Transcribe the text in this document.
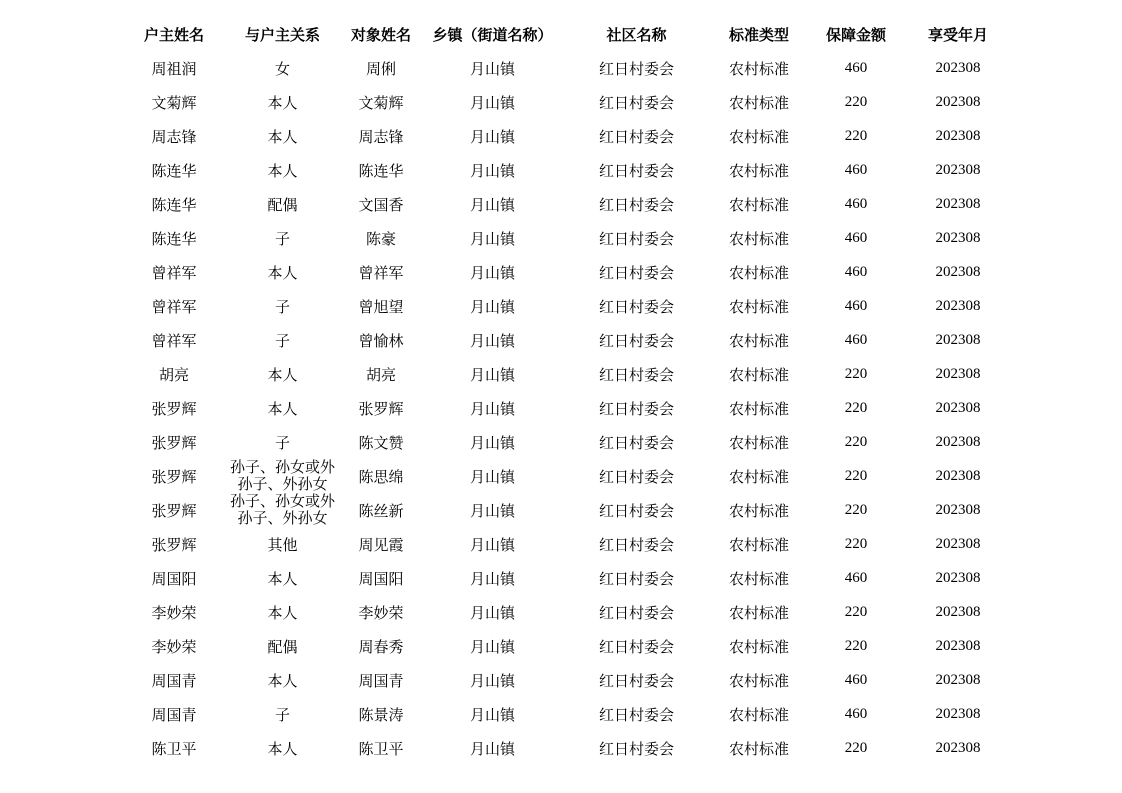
户主姓名	与户主关系	对象姓名	乡镇（街道名称）	社区名称	标准类型	保障金额	享受年月
周祖润	女	周俐	月山镇	红日村委会	农村标准	460	202308
文菊辉	本人	文菊辉	月山镇	红日村委会	农村标准	220	202308
周志锋	本人	周志锋	月山镇	红日村委会	农村标准	220	202308
陈连华	本人	陈连华	月山镇	红日村委会	农村标准	460	202308
陈连华	配偶	文国香	月山镇	红日村委会	农村标准	460	202308
陈连华	子	陈豪	月山镇	红日村委会	农村标准	460	202308
曾祥军	本人	曾祥军	月山镇	红日村委会	农村标准	460	202308
曾祥军	子	曾旭望	月山镇	红日村委会	农村标准	460	202308
曾祥军	子	曾愉林	月山镇	红日村委会	农村标准	460	202308
胡亮	本人	胡亮	月山镇	红日村委会	农村标准	220	202308
张罗辉	本人	张罗辉	月山镇	红日村委会	农村标准	220	202308
张罗辉	子	陈文赞	月山镇	红日村委会	农村标准	220	202308
张罗辉	孙子、孙女或外孙子、外孙女	陈思绵	月山镇	红日村委会	农村标准	220	202308
张罗辉	孙子、孙女或外孙子、外孙女	陈丝新	月山镇	红日村委会	农村标准	220	202308
张罗辉	其他	周见霞	月山镇	红日村委会	农村标准	220	202308
周国阳	本人	周国阳	月山镇	红日村委会	农村标准	460	202308
李妙荣	本人	李妙荣	月山镇	红日村委会	农村标准	220	202308
李妙荣	配偶	周春秀	月山镇	红日村委会	农村标准	220	202308
周国青	本人	周国青	月山镇	红日村委会	农村标准	460	202308
周国青	子	陈景涛	月山镇	红日村委会	农村标准	460	202308
陈卫平	本人	陈卫平	月山镇	红日村委会	农村标准	220	202308
